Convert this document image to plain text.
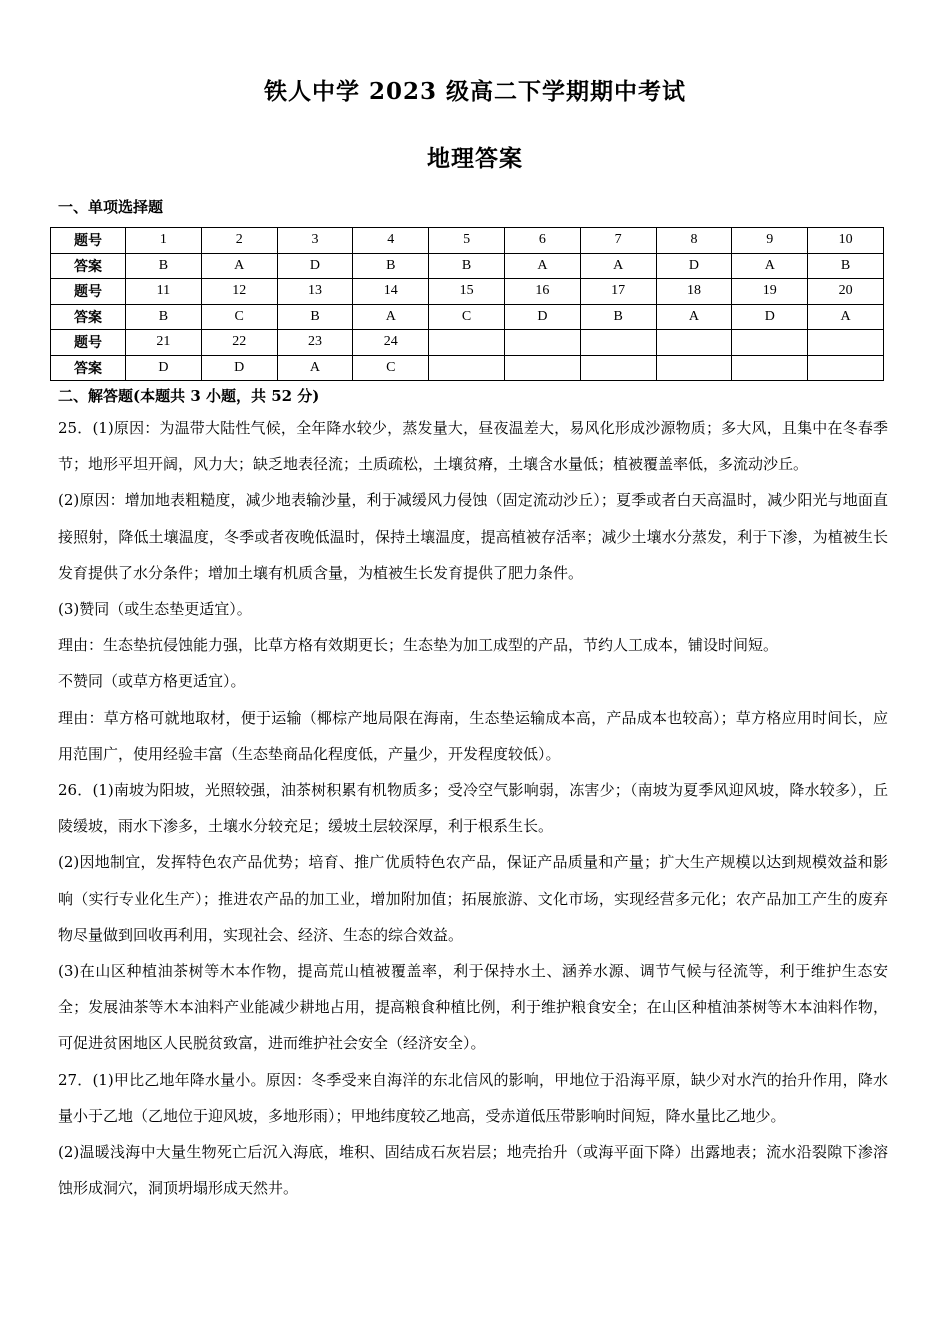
铁人中学 2023 级高二下学期期中考试
地理答案
一、单项选择题
题号	1	2	3	4	5	6	7	8	9	10
答案	B	A	D	B	B	A	A	D	A	B
题号	11	12	13	14	15	16	17	18	19	20
答案	B	C	B	A	C	D	B	A	D	A
题号	21	22	23	24						
答案	D	D	A	C						
二、解答题(本题共 3 小题，共 52 分)

25．(1)原因：为温带大陆性气候，全年降水较少，蒸发量大，昼夜温差大，易风化形成沙源物质；多大风，且集中在冬春季节；地形平坦开阔，风力大；缺乏地表径流；土质疏松，土壤贫瘠，土壤含水量低；植被覆盖率低，多流动沙丘。

(2)原因：增加地表粗糙度，减少地表输沙量，利于减缓风力侵蚀（固定流动沙丘）；夏季或者白天高温时，减少阳光与地面直接照射，降低土壤温度，冬季或者夜晚低温时，保持土壤温度，提高植被存活率；减少土壤水分蒸发，利于下渗，为植被生长发育提供了水分条件；增加土壤有机质含量，为植被生长发育提供了肥力条件。

(3)赞同（或生态垫更适宜）。

理由：生态垫抗侵蚀能力强，比草方格有效期更长；生态垫为加工成型的产品，节约人工成本，铺设时间短。

不赞同（或草方格更适宜）。

理由：草方格可就地取材，便于运输（椰棕产地局限在海南，生态垫运输成本高，产品成本也较高）；草方格应用时间长，应用范围广，使用经验丰富（生态垫商品化程度低，产量少，开发程度较低）。

26．(1)南坡为阳坡，光照较强，油茶树积累有机物质多；受冷空气影响弱，冻害少；（南坡为夏季风迎风坡，降水较多），丘陵缓坡，雨水下渗多，土壤水分较充足；缓坡土层较深厚，利于根系生长。

(2)因地制宜，发挥特色农产品优势；培育、推广优质特色农产品，保证产品质量和产量；扩大生产规模以达到规模效益和影响（实行专业化生产）；推进农产品的加工业，增加附加值；拓展旅游、文化市场，实现经营多元化；农产品加工产生的废弃物尽量做到回收再利用，实现社会、经济、生态的综合效益。

(3)在山区种植油茶树等木本作物，提高荒山植被覆盖率，利于保持水土、涵养水源、调节气候与径流等，利于维护生态安全；发展油茶等木本油料产业能减少耕地占用，提高粮食种植比例，利于维护粮食安全；在山区种植油茶树等木本油料作物，可促进贫困地区人民脱贫致富，进而维护社会安全（经济安全）。

27．(1)甲比乙地年降水量小。原因：冬季受来自海洋的东北信风的影响，甲地位于沿海平原，缺少对水汽的抬升作用，降水量小于乙地（乙地位于迎风坡，多地形雨）；甲地纬度较乙地高，受赤道低压带影响时间短，降水量比乙地少。

(2)温暖浅海中大量生物死亡后沉入海底，堆积、固结成石灰岩层；地壳抬升（或海平面下降）出露地表；流水沿裂隙下渗溶蚀形成洞穴，洞顶坍塌形成天然井。
